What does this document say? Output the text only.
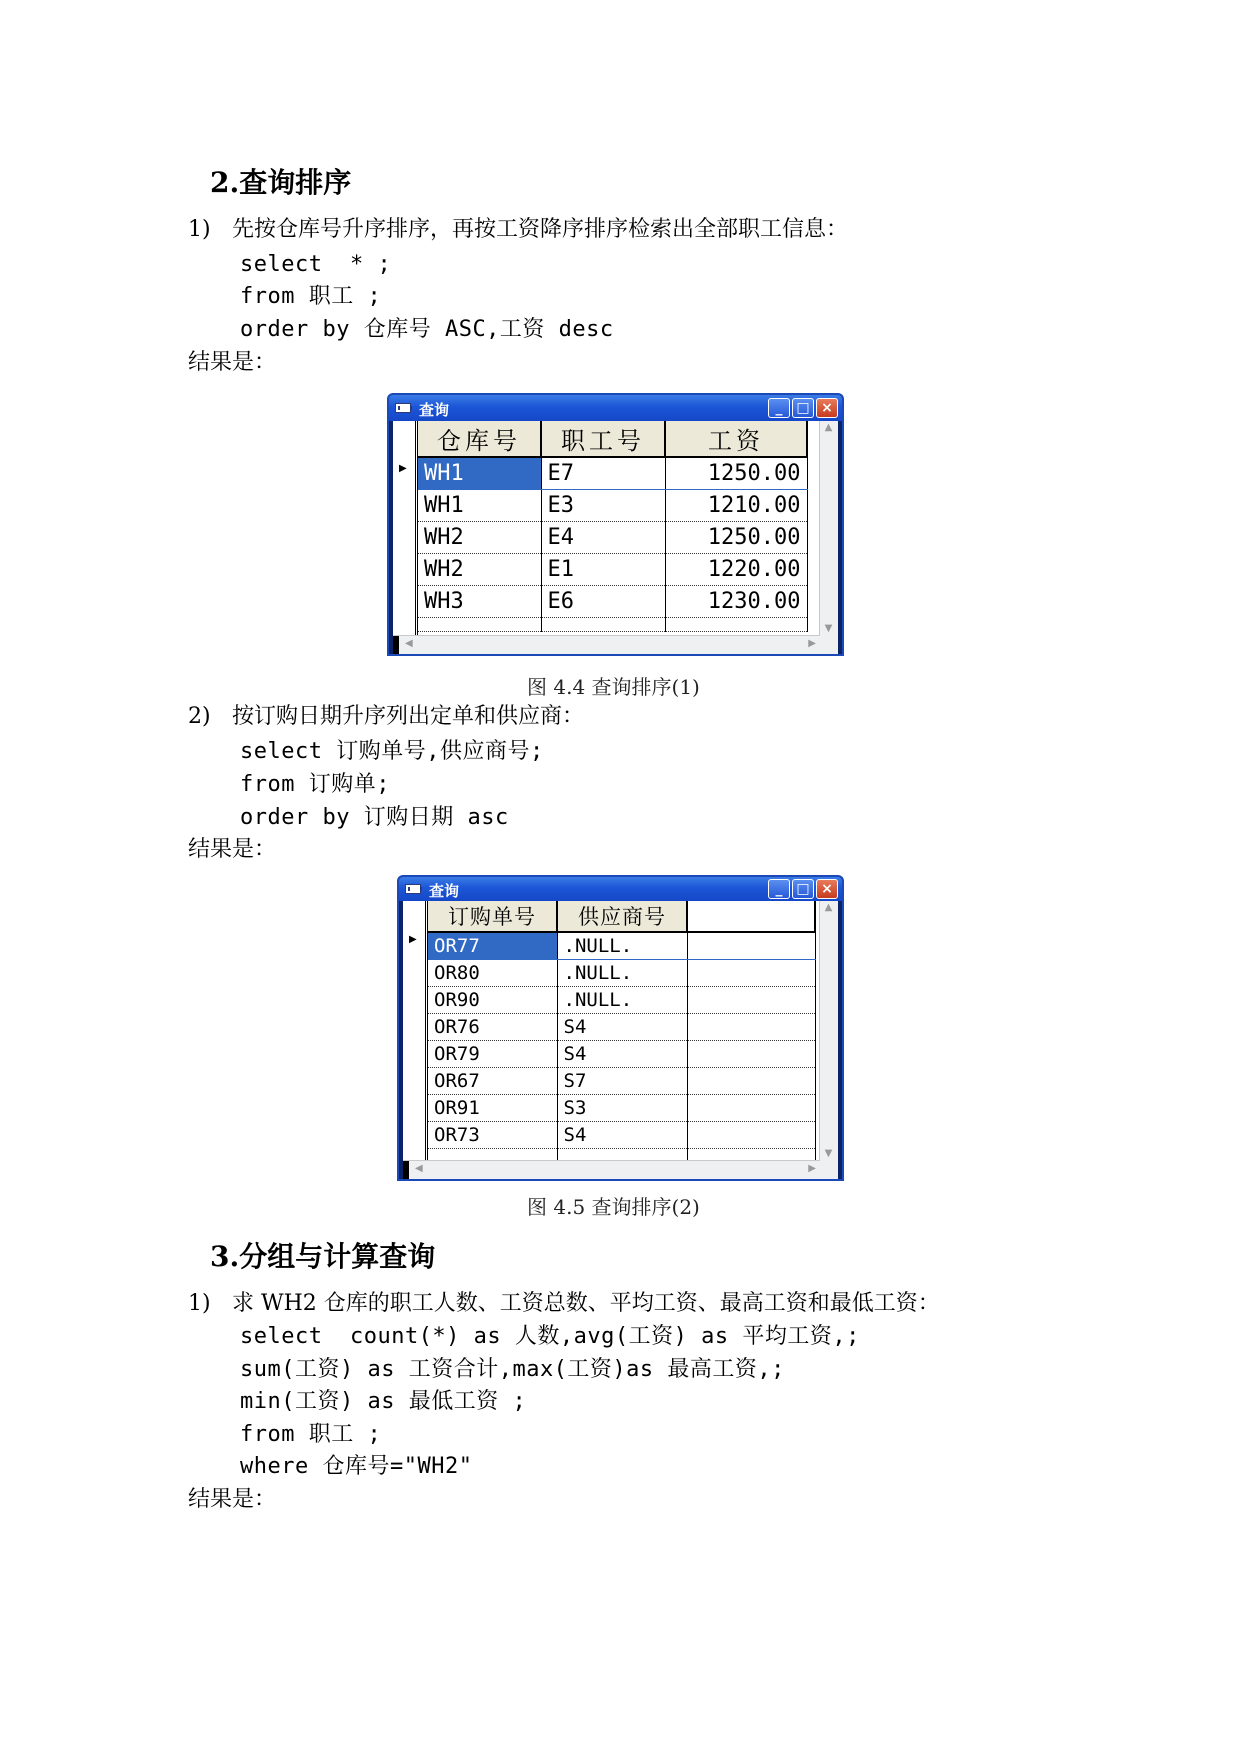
2.查询排序

1) 先按仓库号升序排序，再按工资降序排序检索出全部职工信息：

select  * ;

from 职工 ;

order by 仓库号 ASC,工资 desc

结果是：

查询	_ □ ×
▶
仓库号	职工号	工资
WH1	E7	1250.00
WH1	E3	1210.00
WH2	E4	1250.00
WH2	E1	1220.00
WH3	E6	1230.00

▲
▼
◀	▶
图 4.4 查询排序(1)

2) 按订购日期升序列出定单和供应商：

select 订购单号,供应商号;

from 订购单;

order by 订购日期 asc

结果是：

查询	_ □ ×
▶
订购单号	供应商号	
OR77	.NULL.	
OR80	.NULL.	
OR90	.NULL.	
OR76	S4	
OR79	S4	
OR67	S7	
OR91	S3	
OR73	S4	

▲
▼
◀	▶
图 4.5 查询排序(2)
3.分组与计算查询

1) 求 WH2 仓库的职工人数、工资总数、平均工资、最高工资和最低工资：

select  count(*) as 人数,avg(工资) as 平均工资,;

sum(工资) as 工资合计,max(工资)as 最高工资,;

min(工资) as 最低工资 ;

from 职工 ;

where 仓库号="WH2"

结果是：
